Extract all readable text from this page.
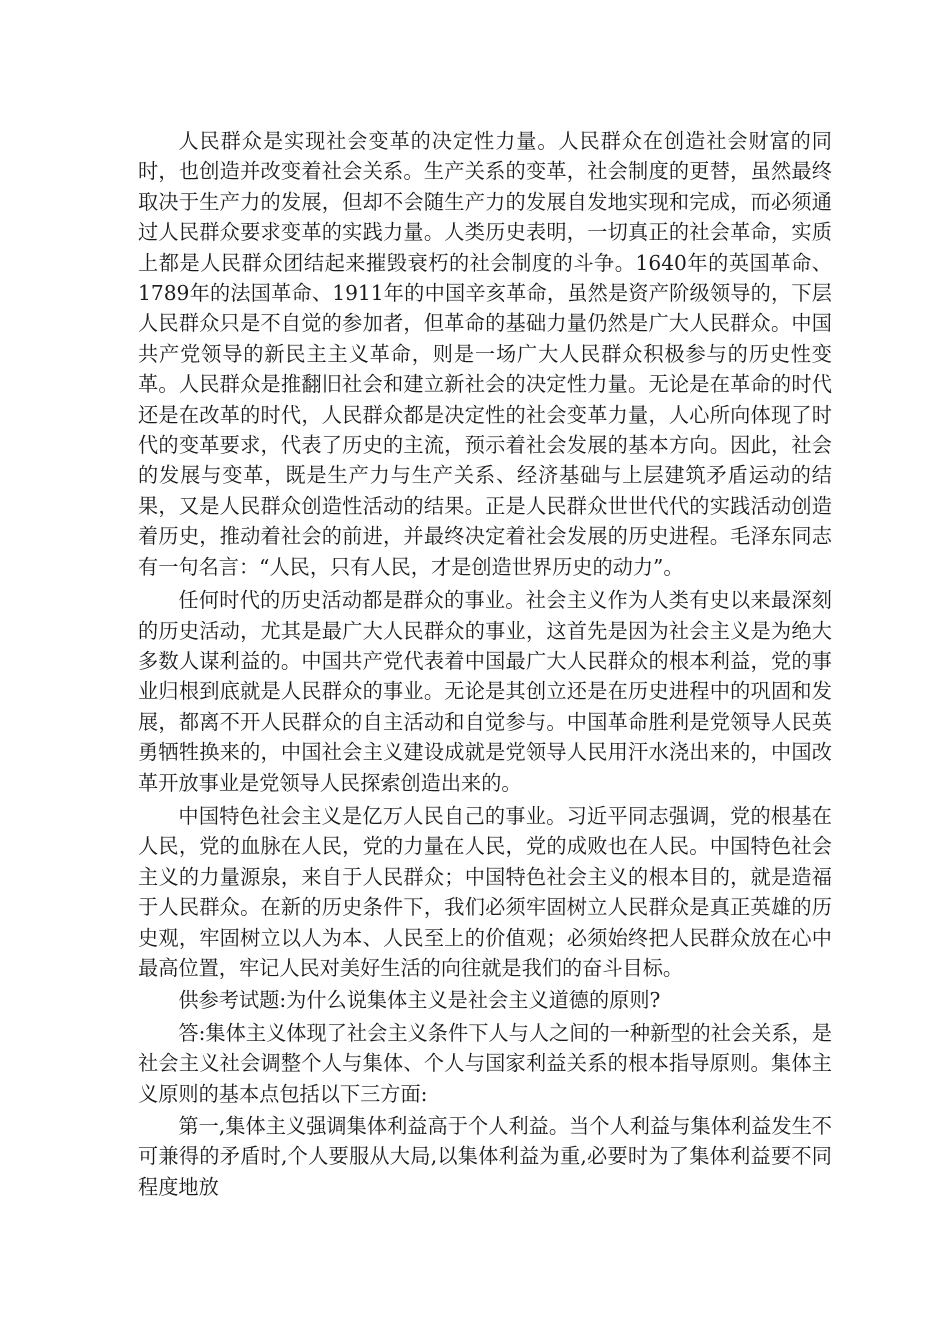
人民群众是实现社会变革的决定性力量。人民群众在创造社会财富的同时，也创造并改变着社会关系。生产关系的变革，社会制度的更替，虽然最终取决于生产力的发展，但却不会随生产力的发展自发地实现和完成，而必须通过人民群众要求变革的实践力量。人类历史表明，一切真正的社会革命，实质上都是人民群众团结起来摧毁衰朽的社会制度的斗争。1640年的英国革命、1789年的法国革命、1911年的中国辛亥革命，虽然是资产阶级领导的，下层人民群众只是不自觉的参加者，但革命的基础力量仍然是广大人民群众。中国共产党领导的新民主主义革命，则是一场广大人民群众积极参与的历史性变革。人民群众是推翻旧社会和建立新社会的决定性力量。无论是在革命的时代还是在改革的时代，人民群众都是决定性的社会变革力量，人心所向体现了时代的变革要求，代表了历史的主流，预示着社会发展的基本方向。因此，社会的发展与变革，既是生产力与生产关系、经济基础与上层建筑矛盾运动的结果，又是人民群众创造性活动的结果。正是人民群众世世代代的实践活动创造着历史，推动着社会的前进，并最终决定着社会发展的历史进程。毛泽东同志有一句名言：“人民，只有人民，才是创造世界历史的动力”。

任何时代的历史活动都是群众的事业。社会主义作为人类有史以来最深刻的历史活动，尤其是最广大人民群众的事业，这首先是因为社会主义是为绝大多数人谋利益的。中国共产党代表着中国最广大人民群众的根本利益，党的事业归根到底就是人民群众的事业。无论是其创立还是在历史进程中的巩固和发展，都离不开人民群众的自主活动和自觉参与。中国革命胜利是党领导人民英勇牺牲换来的，中国社会主义建设成就是党领导人民用汗水浇出来的，中国改革开放事业是党领导人民探索创造出来的。

中国特色社会主义是亿万人民自己的事业。习近平同志强调，党的根基在人民，党的血脉在人民，党的力量在人民，党的成败也在人民。中国特色社会主义的力量源泉，来自于人民群众；中国特色社会主义的根本目的，就是造福于人民群众。在新的历史条件下，我们必须牢固树立人民群众是真正英雄的历史观，牢固树立以人为本、人民至上的价值观；必须始终把人民群众放在心中最高位置，牢记人民对美好生活的向往就是我们的奋斗目标。

供参考试题:为什么说集体主义是社会主义道德的原则?

答:集体主义体现了社会主义条件下人与人之间的一种新型的社会关系，是社会主义社会调整个人与集体、个人与国家利益关系的根本指导原则。集体主义原则的基本点包括以下三方面:

第一,集体主义强调集体利益高于个人利益。当个人利益与集体利益发生不可兼得的矛盾时,个人要服从大局,以集体利益为重,必要时为了集体利益要不同程度地放
